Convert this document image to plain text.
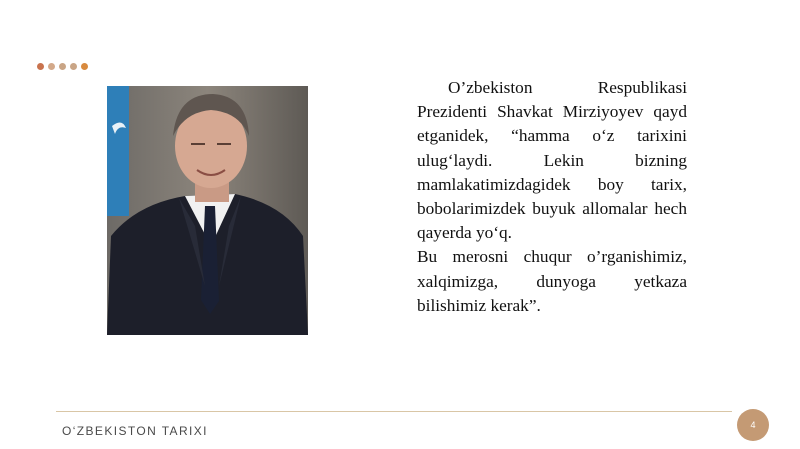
O’zbekiston Respublikasi Prezidenti Shavkat Mirziyoyev qayd etganidek, “hamma o‘z tarixini ulug‘laydi. Lekin bizning mamlakatimizdagidek boy tarix, bobolarimizdek buyuk allomalar hech qayerda yo‘q.

Bu merosni chuqur o’rganishimiz, xalqimizga, dunyoga yetkaza bilishimiz kerak”.

O‘ZBEKISTON TARIXI	4
